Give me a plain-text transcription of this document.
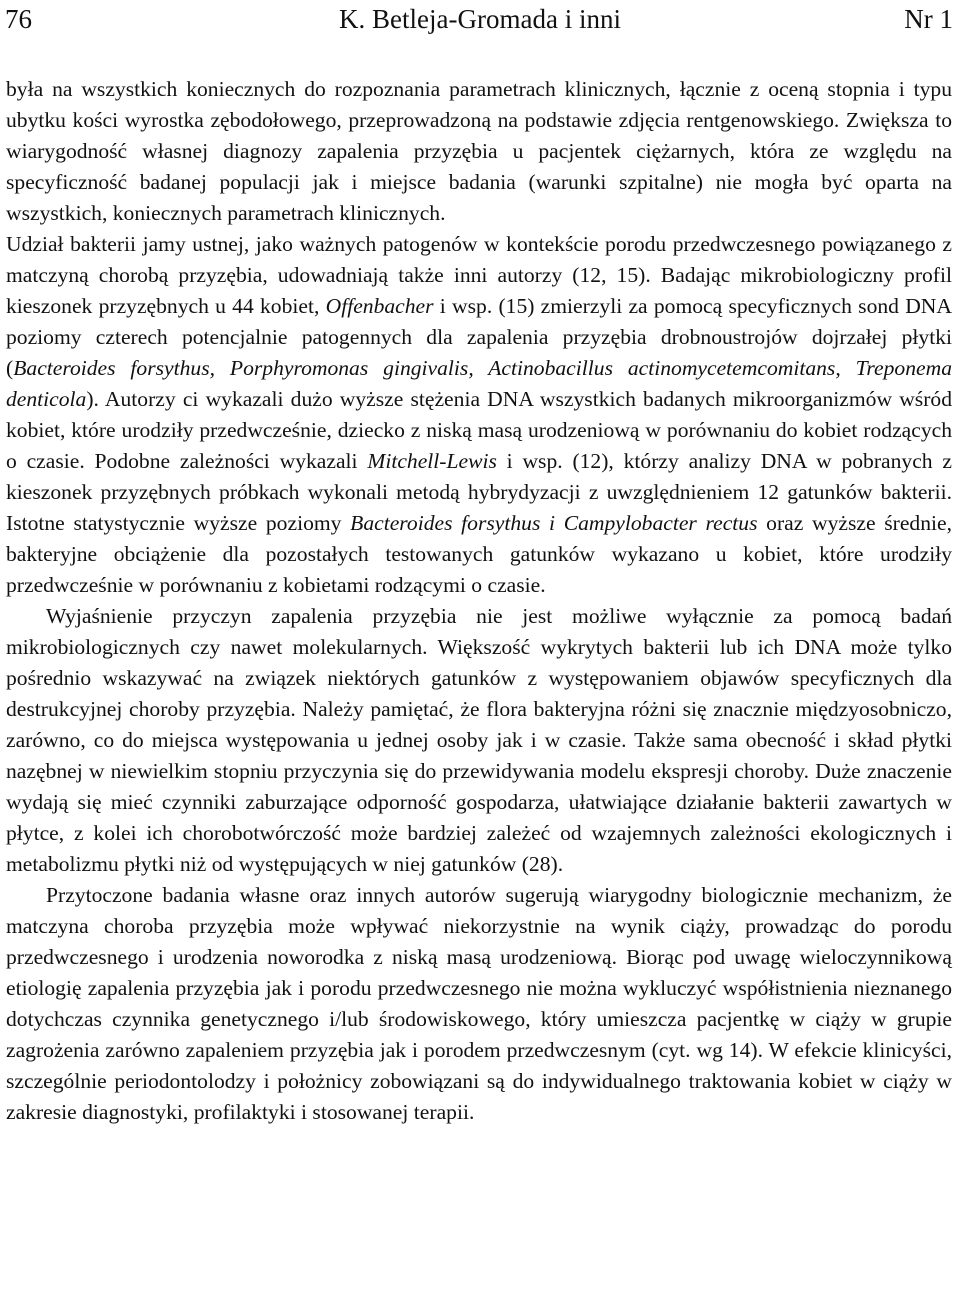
76	K. Betleja-Gromada i inni	Nr 1

była na wszystkich koniecznych do rozpoznania parametrach klinicznych, łącznie z oceną stopnia i typu ubytku kości wyrostka zębodołowego, przeprowadzoną na podstawie zdjęcia rentgenowskiego. Zwiększa to wiarygodność własnej diagnozy zapalenia przyzębia u pacjentek ciężarnych, która ze względu na specyficzność badanej populacji jak i miejsce badania (warunki szpitalne) nie mogła być oparta na wszystkich, koniecznych parametrach klinicznych.

Udział bakterii jamy ustnej, jako ważnych patogenów w kontekście porodu przedwczesnego powiązanego z matczyną chorobą przyzębia, udowadniają także inni autorzy (12, 15). Badając mikrobiologiczny profil kieszonek przyzębnych u 44 kobiet, Offenbacher i wsp. (15) zmierzyli za pomocą specyficznych sond DNA poziomy czterech potencjalnie patogennych dla zapalenia przyzębia drobnoustrojów dojrzałej płytki (Bacteroides forsythus, Porphyromonas gingivalis, Actinobacillus actinomycetemcomitans, Treponema denticola). Autorzy ci wykazali dużo wyższe stężenia DNA wszystkich badanych mikroorganizmów wśród kobiet, które urodziły przedwcześnie, dziecko z niską masą urodzeniową w porównaniu do kobiet rodzących o czasie. Podobne zależności wykazali Mitchell-Lewis i wsp. (12), którzy analizy DNA w pobranych z kieszonek przyzębnych próbkach wykonali metodą hybrydyzacji z uwzględnieniem 12 gatunków bakterii. Istotne statystycznie wyższe poziomy Bacteroides forsythus i Campylobacter rectus oraz wyższe średnie, bakteryjne obciążenie dla pozostałych testowanych gatunków wykazano u kobiet, które urodziły przedwcześnie w porównaniu z kobietami rodzącymi o czasie.

Wyjaśnienie przyczyn zapalenia przyzębia nie jest możliwe wyłącznie za pomocą badań mikrobiologicznych czy nawet molekularnych. Większość wykrytych bakterii lub ich DNA może tylko pośrednio wskazywać na związek niektórych gatunków z występowaniem objawów specyficznych dla destrukcyjnej choroby przyzębia. Należy pamiętać, że flora bakteryjna różni się znacznie międzyosobniczo, zarówno, co do miejsca występowania u jednej osoby jak i w czasie. Także sama obecność i skład płytki nazębnej w niewielkim stopniu przyczynia się do przewidywania modelu ekspresji choroby. Duże znaczenie wydają się mieć czynniki zaburzające odporność gospodarza, ułatwiające działanie bakterii zawartych w płytce, z kolei ich chorobotwórczość może bardziej zależeć od wzajemnych zależności ekologicznych i metabolizmu płytki niż od występujących w niej gatunków (28).

Przytoczone badania własne oraz innych autorów sugerują wiarygodny biologicznie mechanizm, że matczyna choroba przyzębia może wpływać niekorzystnie na wynik ciąży, prowadząc do porodu przedwczesnego i urodzenia noworodka z niską masą urodzeniową. Biorąc pod uwagę wieloczynnikową etiologię zapalenia przyzębia jak i porodu przedwczesnego nie można wykluczyć współistnienia nieznanego dotychczas czynnika genetycznego i/lub środowiskowego, który umieszcza pacjentkę w ciąży w grupie zagrożenia zarówno zapaleniem przyzębia jak i porodem przedwczesnym (cyt. wg 14). W efekcie klinicyści, szczególnie periodontolodzy i położnicy zobowiązani są do indywidualnego traktowania kobiet w ciąży w zakresie diagnostyki, profilaktyki i stosowanej terapii.
